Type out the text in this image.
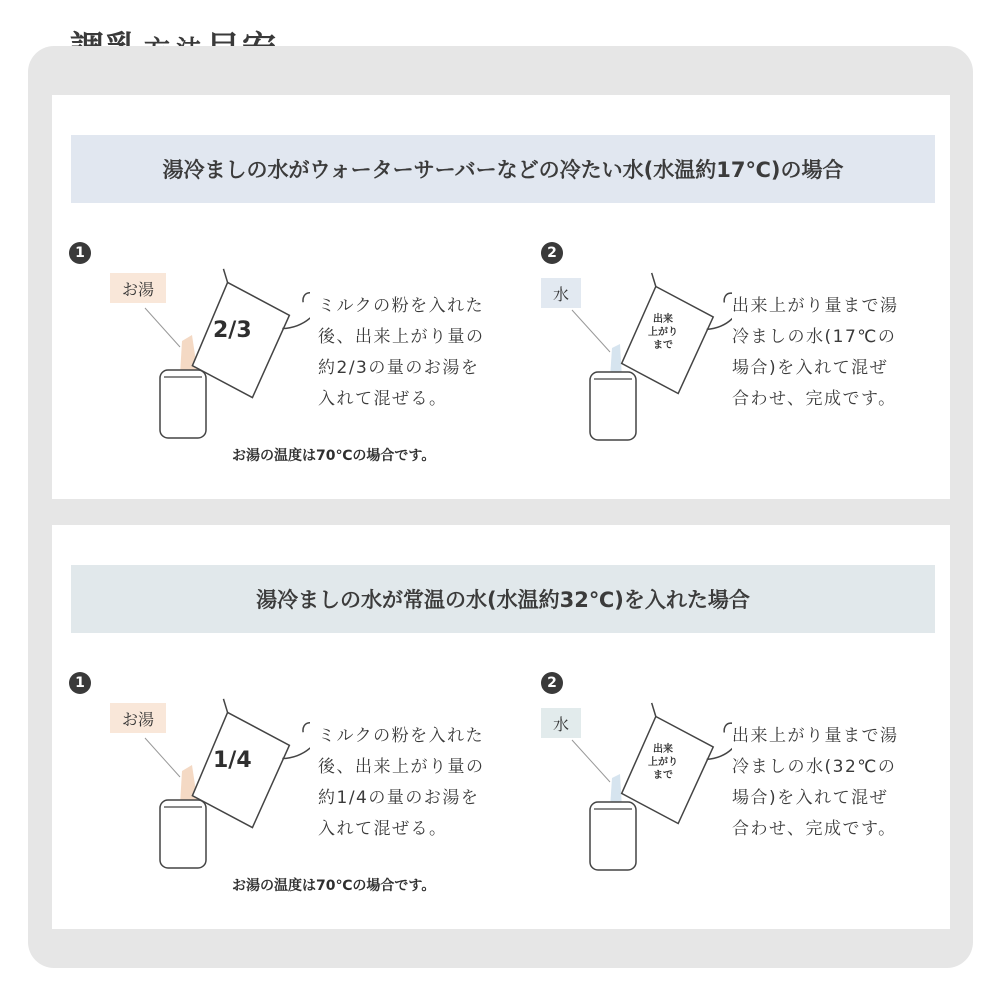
湯冷ましの水がウォーターサーバーなどの冷たい水(水温約17℃)の場合
1
お湯
2/3
ミルクの粉を入れた
後、出来上がり量の
約2/3の量のお湯を
入れて混ぜる。
お湯の温度は70℃の場合です。
2
水
出来
上がり
まで
出来上がり量まで湯
冷ましの水(17℃の
場合)を入れて混ぜ
合わせ、完成です。
湯冷ましの水が常温の水(水温約32℃)を入れた場合
1
お湯
1/4
ミルクの粉を入れた
後、出来上がり量の
約1/4の量のお湯を
入れて混ぜる。
お湯の温度は70℃の場合です。
2
水
出来
上がり
まで
出来上がり量まで湯
冷ましの水(32℃の
場合)を入れて混ぜ
合わせ、完成です。
